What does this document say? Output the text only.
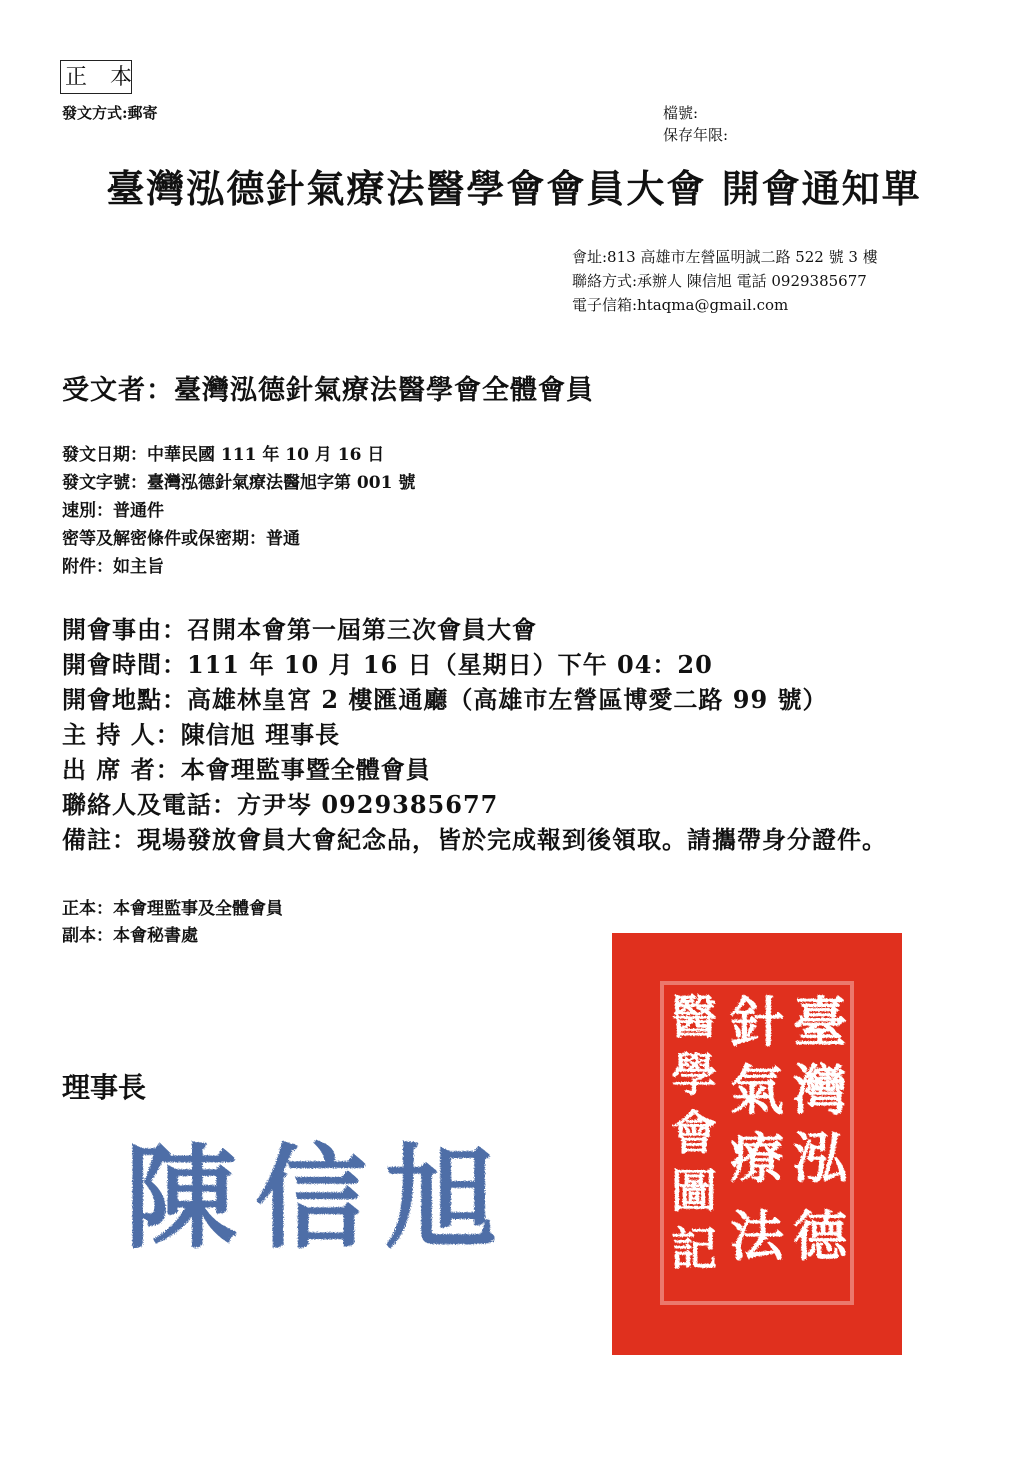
正 本
發文方式:郵寄	檔號:
保存年限:
臺灣泓德針氣療法醫學會會員大會 開會通知單
會址:813 高雄市左營區明誠二路 522 號 3 樓
聯絡方式:承辦人 陳信旭 電話 0929385677
電子信箱:htaqma@gmail.com
受文者：臺灣泓德針氣療法醫學會全體會員
發文日期：中華民國 111 年 10 月 16 日
發文字號：臺灣泓德針氣療法醫旭字第 001 號
速別：普通件
密等及解密條件或保密期：普通
附件：如主旨
開會事由：召開本會第一屆第三次會員大會
開會時間：111 年 10 月 16 日（星期日）下午 04：20
開會地點：高雄林皇宮 2 樓匯通廳（高雄市左營區博愛二路 99 號）
主 持 人：陳信旭 理事長
出 席 者：本會理監事暨全體會員
聯絡人及電話：方尹岑 0929385677
備註：現場發放會員大會紀念品，皆於完成報到後領取。請攜帶身分證件。
正本：本會理監事及全體會員
副本：本會秘書處
理事長
陳信旭
臺
灣
泓
德
針
氣
療
法
醫
學
會
圖
記
